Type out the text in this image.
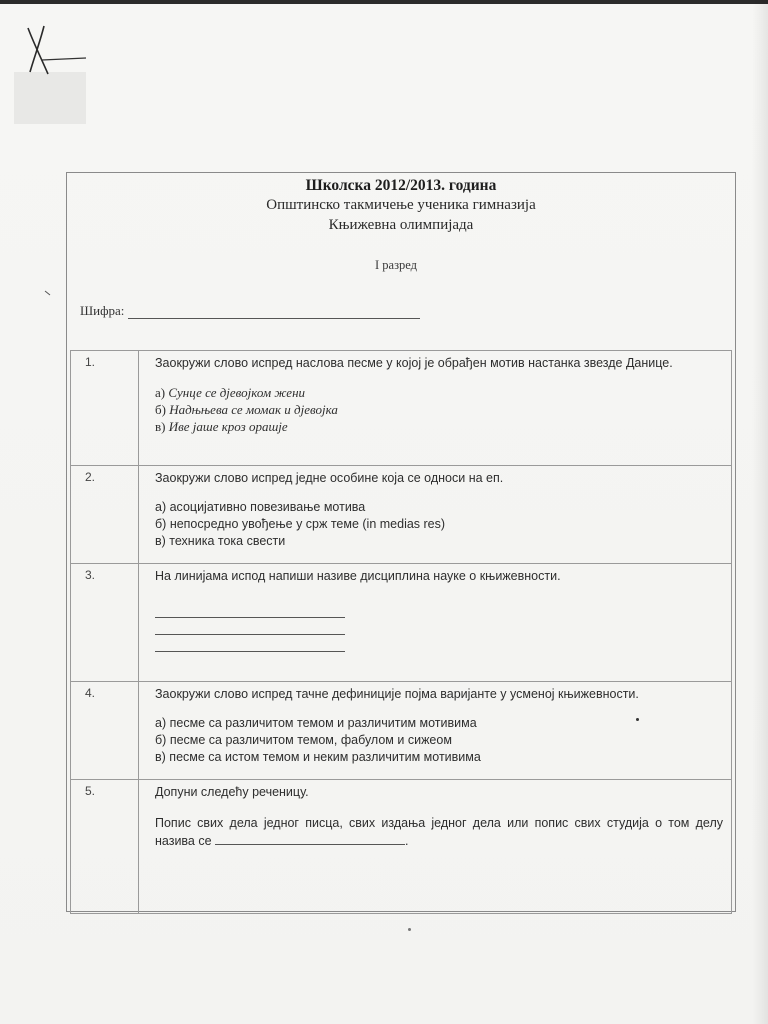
Школска 2012/2013. година
Општинско такмичење ученика гимназија
Књижевна олимпијада
I разред
Шифра:
1.	Заокружи слово испред наслова песме у којој је обрађен мотив настанка звезде Данице.
а) Сунце се дјевојком жени
б) Надњњева се момак и дјевојка
в) Иве јаше кроз орашје

2.	Заокружи слово испред једне особине која се односи на еп.
а) асоцијативно повезивање мотива
б) непосредно увођење у срж теме (in medias res)
в) техника тока свести

3.	На линијама испод напиши називе дисциплина науке о књижевности.

4.	Заокружи слово испред тачне дефиниције појма варијанте у усменој књижевности.
а) песме са различитом темом и различитим мотивима
б) песме са различитом темом, фабулом и сижеом
в) песме са истом темом и неким различитим мотивима

5.	Допуни следећу реченицу.
Попис свих дела једног писца, свих издања једног дела или попис свих студија о том делу назива се .
